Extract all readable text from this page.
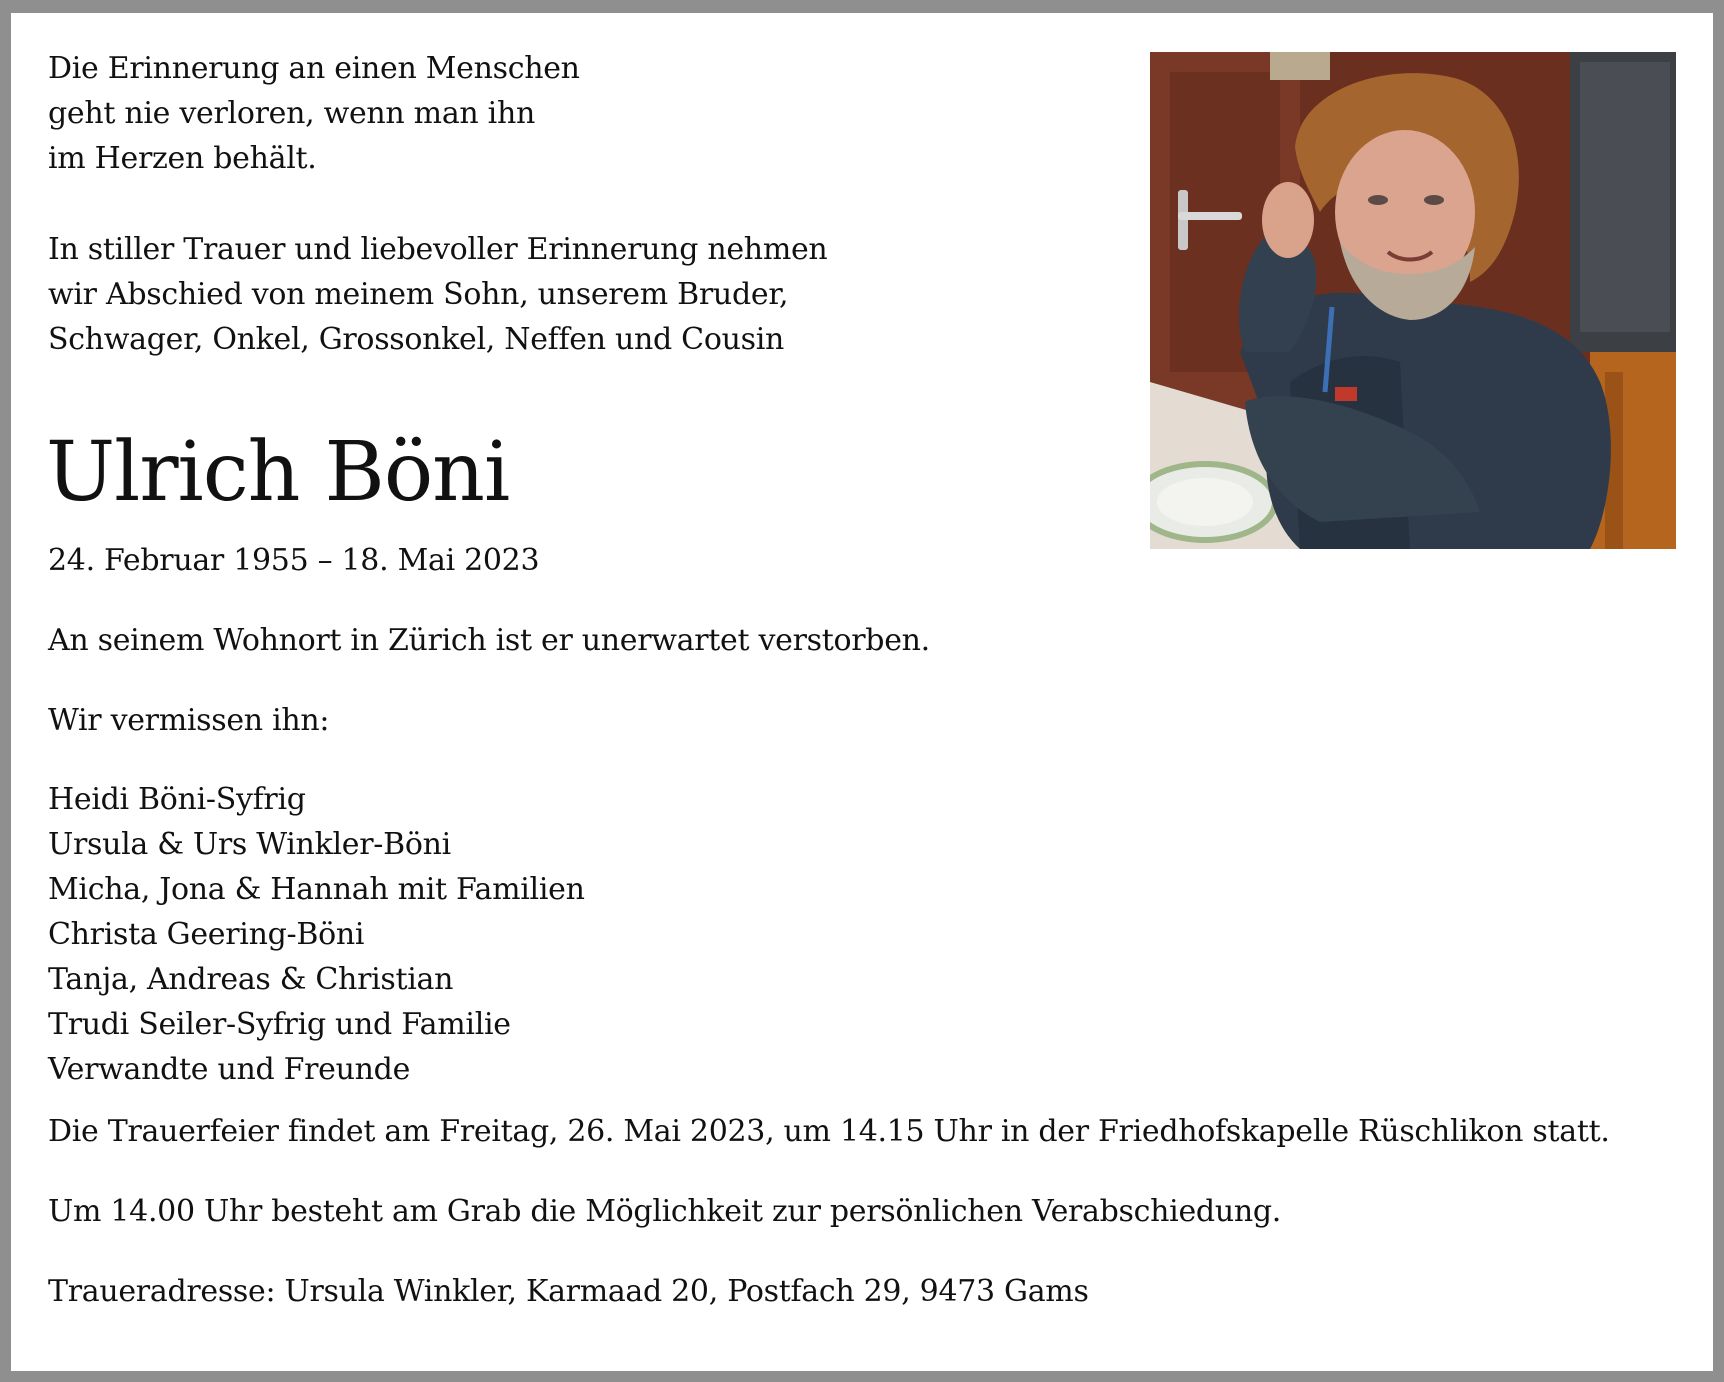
Die Erinnerung an einen Menschen
geht nie verloren, wenn man ihn
im Herzen behält.
In stiller Trauer und liebevoller Erinnerung nehmen
wir Abschied von meinem Sohn, unserem Bruder,
Schwager, Onkel, Grossonkel, Neffen und Cousin
Ulrich Böni
24. Februar 1955 – 18. Mai 2023
An seinem Wohnort in Zürich ist er unerwartet verstorben.
Wir vermissen ihn:
Heidi Böni-Syfrig
Ursula & Urs Winkler-Böni
Micha, Jona & Hannah mit Familien
Christa Geering-Böni
Tanja, Andreas & Christian
Trudi Seiler-Syfrig und Familie
Verwandte und Freunde
Die Trauerfeier findet am Freitag, 26. Mai 2023, um 14.15 Uhr in der Friedhofskapelle Rüschlikon statt.
Um 14.00 Uhr besteht am Grab die Möglichkeit zur persönlichen Verabschiedung.
Traueradresse: Ursula Winkler, Karmaad 20, Postfach 29, 9473 Gams
